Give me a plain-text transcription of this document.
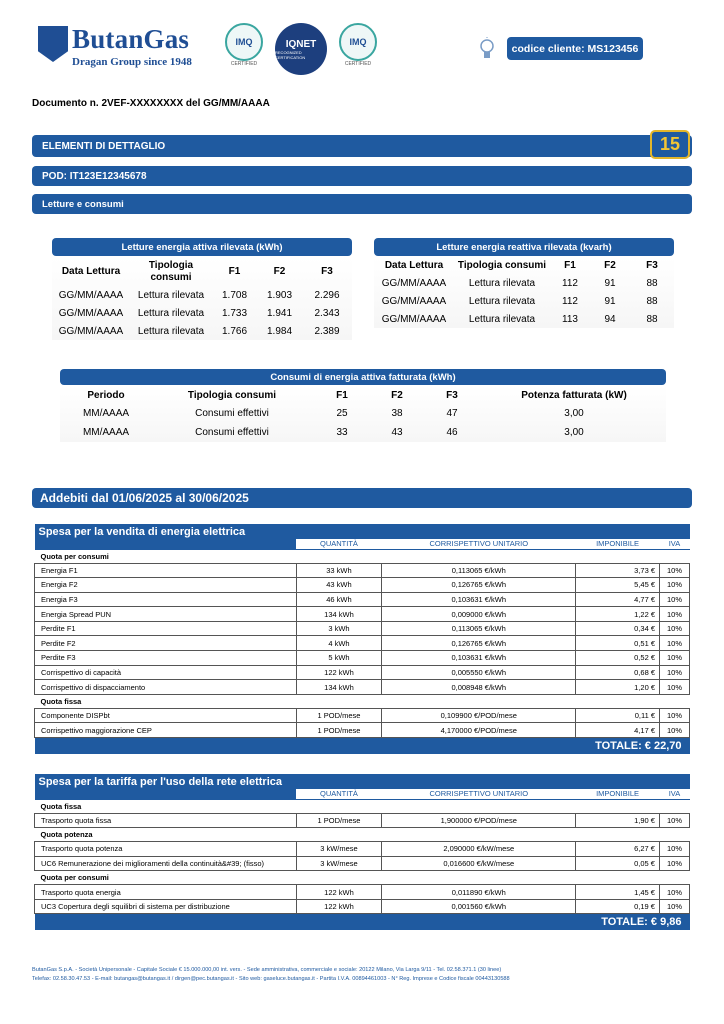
ButanGas
Dragan Group since 1948
IMQ
CERTIFIED
IQNET
RECOGNIZED CERTIFICATION
IMQ
CERTIFIED
codice cliente: MS123456
Documento n. 2VEF-XXXXXXXX del GG/MM/AAAA
ELEMENTI DI DETTAGLIO	15
POD: IT123E12345678
Letture e consumi
Letture energia attiva rilevata (kWh)
Data Lettura	Tipologia consumi	F1	F2	F3
GG/MM/AAAA	Lettura rilevata	1.708	1.903	2.296
GG/MM/AAAA	Lettura rilevata	1.733	1.941	2.343
GG/MM/AAAA	Lettura rilevata	1.766	1.984	2.389
Letture energia reattiva rilevata (kvarh)
Data Lettura	Tipologia consumi	F1	F2	F3
GG/MM/AAAA	Lettura rilevata	112	91	88
GG/MM/AAAA	Lettura rilevata	112	91	88
GG/MM/AAAA	Lettura rilevata	113	94	88
Consumi di energia attiva fatturata (kWh)
Periodo	Tipologia consumi	F1	F2	F3	Potenza fatturata (kW)
MM/AAAA	Consumi effettivi	25	38	47	3,00
MM/AAAA	Consumi effettivi	33	43	46	3,00
Addebiti dal 01/06/2025 al 30/06/2025
Spesa per la vendita di energia elettrica				
	QUANTITÀ	CORRISPETTIVO UNITARIO	IMPONIBILE	IVA
Quota per consumi				
Energia F1	33 kWh	0,113065 €/kWh	3,73 €	10%
Energia F2	43 kWh	0,126765 €/kWh	5,45 €	10%
Energia F3	46 kWh	0,103631 €/kWh	4,77 €	10%
Energia Spread PUN	134 kWh	0,009000 €/kWh	1,22 €	10%
Perdite F1	3 kWh	0,113065 €/kWh	0,34 €	10%
Perdite F2	4 kWh	0,126765 €/kWh	0,51 €	10%
Perdite F3	5 kWh	0,103631 €/kWh	0,52 €	10%
Corrispettivo di capacità	122 kWh	0,005550 €/kWh	0,68 €	10%
Corrispettivo di dispacciamento	134 kWh	0,008948 €/kWh	1,20 €	10%
Quota fissa				
Componente DISPbt	1 POD/mese	0,109900 €/POD/mese	0,11 €	10%
Corrispettivo maggiorazione CEP	1 POD/mese	4,170000 €/POD/mese	4,17 €	10%
TOTALE: € 22,70				
Spesa per la tariffa per l'uso della rete elettrica				
	QUANTITÀ	CORRISPETTIVO UNITARIO	IMPONIBILE	IVA
Quota fissa				
Trasporto quota fissa	1 POD/mese	1,900000 €/POD/mese	1,90 €	10%
Quota potenza				
Trasporto quota potenza	3 kW/mese	2,090000 €/kW/mese	6,27 €	10%
UC6 Remunerazione dei miglioramenti della continuità&#39; (fisso)	3 kW/mese	0,016600 €/kW/mese	0,05 €	10%
Quota per consumi				
Trasporto quota energia	122 kWh	0,011890 €/kWh	1,45 €	10%
UC3 Copertura degli squilibri di sistema per distribuzione	122 kWh	0,001560 €/kWh	0,19 €	10%
TOTALE: € 9,86				
ButanGas S.p.A. - Società Unipersonale - Capitale Sociale € 15.000.000,00 int. vers. - Sede amministrativa, commerciale e sociale: 20122 Milano, Via Larga 9/11 - Tel. 02.58.371.1 (30 linee)
Telefax: 02.58.30.47.53 - E-mail: butangas@butangas.it / dirgen@pec.butangas.it - Sito web: gaseluce.butangas.it - Partita I.V.A. 00894461003 - N° Reg. Imprese e Codice fiscale 00443130588
